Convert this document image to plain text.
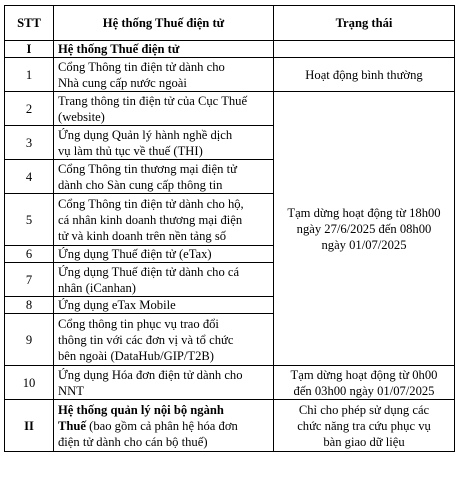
STT	Hệ thống Thuế điện tử	Trạng thái
I	Hệ thống Thuế điện tử	
1	Cổng Thông tin điện tử dành cho
Nhà cung cấp nước ngoài	Hoạt động bình thường
2	Trang thông tin điện tử của Cục Thuế
(website)	Tạm dừng hoạt động từ 18h00
ngày 27/6/2025 đến 08h00
ngày 01/07/2025
3	Ứng dụng Quản lý hành nghề dịch
vụ làm thủ tục về thuế (THI)	
4	Cổng Thông tin thương mại điện tử
dành cho Sàn cung cấp thông tin	
5	Cổng Thông tin điện tử dành cho hộ,
cá nhân kinh doanh thương mại điện
tử và kinh doanh trên nền tảng số	
6	Ứng dụng Thuế điện tử (eTax)	
7	Ứng dụng Thuế điện tử dành cho cá
nhân (iCanhan)	
8	Ứng dụng eTax Mobile	
9	Cổng thông tin phục vụ trao đổi
thông tin với các đơn vị và tổ chức
bên ngoài (DataHub/GIP/T2B)	
10	Ứng dụng Hóa đơn điện tử dành cho
NNT	Tạm dừng hoạt động từ 0h00
đến 03h00 ngày 01/07/2025
II	Hệ thống quản lý nội bộ ngành
Thuế (bao gồm cả phân hệ hóa đơn
điện tử dành cho cán bộ thuế)	Chỉ cho phép sử dụng các
chức năng tra cứu phục vụ
bàn giao dữ liệu
